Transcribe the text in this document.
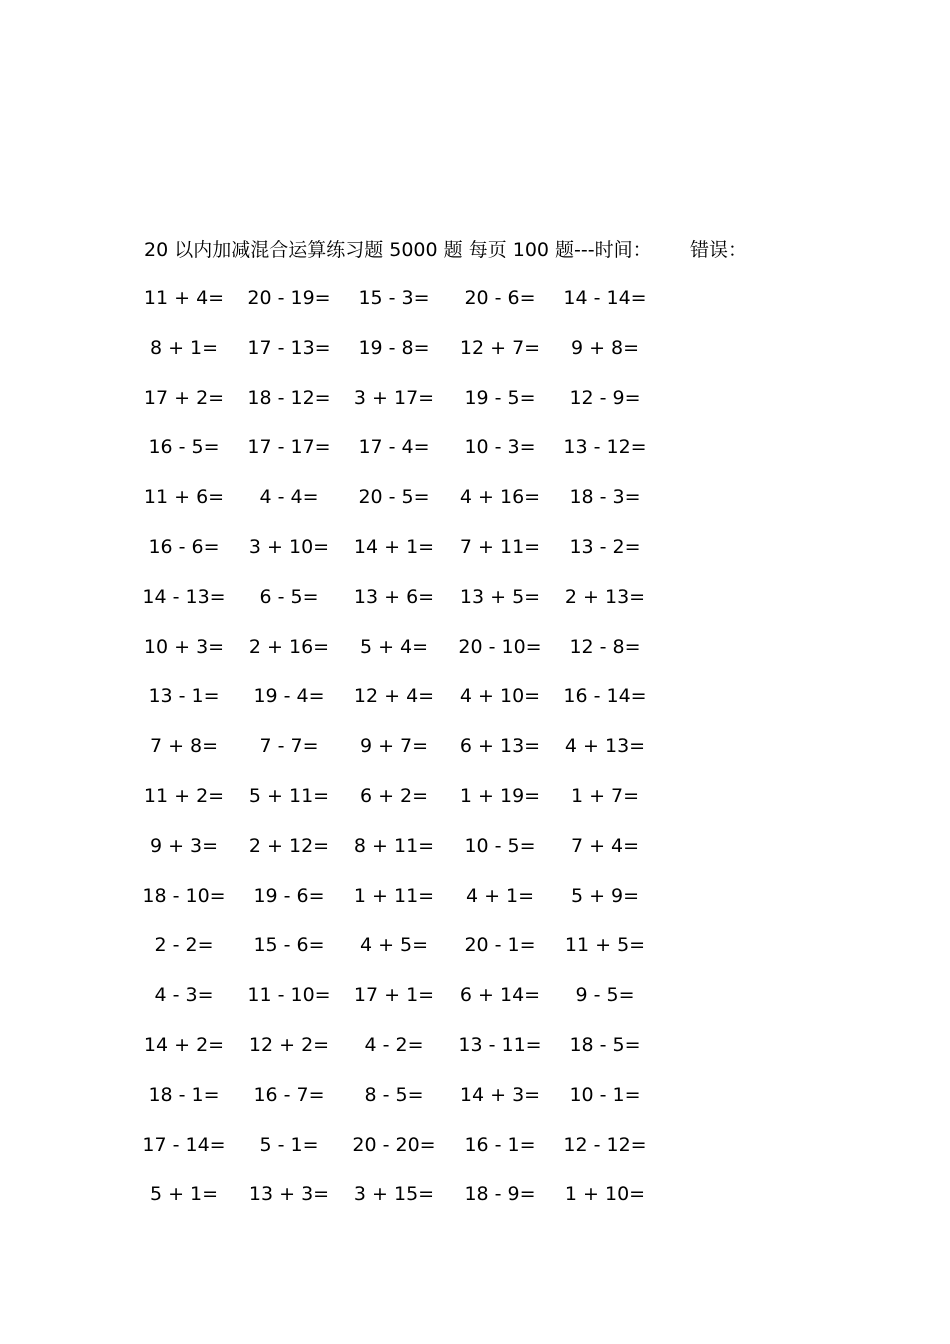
20 以内加减混合运算练习题 5000 题 每页 100 题---时间： 错误：
11 + 4= 20 - 19= 15 - 3= 20 - 6= 14 - 14=
8 + 1= 17 - 13= 19 - 8= 12 + 7= 9 + 8=
17 + 2= 18 - 12= 3 + 17= 19 - 5= 12 - 9=
16 - 5= 17 - 17= 17 - 4= 10 - 3= 13 - 12=
11 + 6= 4 - 4= 20 - 5= 4 + 16= 18 - 3=
16 - 6= 3 + 10= 14 + 1= 7 + 11= 13 - 2=
14 - 13= 6 - 5= 13 + 6= 13 + 5= 2 + 13=
10 + 3= 2 + 16= 5 + 4= 20 - 10= 12 - 8=
13 - 1= 19 - 4= 12 + 4= 4 + 10= 16 - 14=
7 + 8= 7 - 7= 9 + 7= 6 + 13= 4 + 13=
11 + 2= 5 + 11= 6 + 2= 1 + 19= 1 + 7=
9 + 3= 2 + 12= 8 + 11= 10 - 5= 7 + 4=
18 - 10= 19 - 6= 1 + 11= 4 + 1= 5 + 9=
2 - 2= 15 - 6= 4 + 5= 20 - 1= 11 + 5=
4 - 3= 11 - 10= 17 + 1= 6 + 14= 9 - 5=
14 + 2= 12 + 2= 4 - 2= 13 - 11= 18 - 5=
18 - 1= 16 - 7= 8 - 5= 14 + 3= 10 - 1=
17 - 14= 5 - 1= 20 - 20= 16 - 1= 12 - 12=
5 + 1= 13 + 3= 3 + 15= 18 - 9= 1 + 10=
